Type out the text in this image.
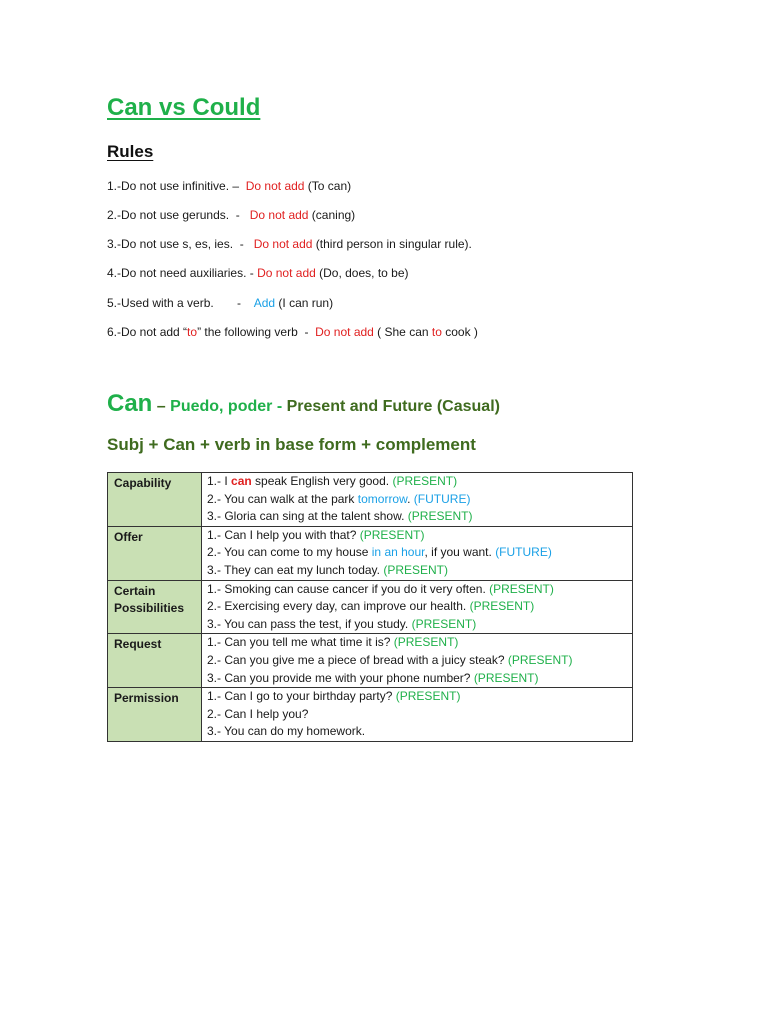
Can vs Could
Rules
1.-Do not use infinitive. –  Do not add (To can)
2.-Do not use gerunds.  -   Do not add (caning)
3.-Do not use s, es, ies.  -   Do not add (third person in singular rule).
4.-Do not need auxiliaries. - Do not add (Do, does, to be)
5.-Used with a verb.       -    Add (I can run)
6.-Do not add “to” the following verb  -  Do not add ( She can to cook )
Can – Puedo, poder - Present and Future (Casual)
Subj + Can + verb in base form + complement
Capability	1.- I can speak English very good. (PRESENT)
2.- You can walk at the park tomorrow. (FUTURE)
3.- Gloria can sing at the talent show. (PRESENT)

Offer	1.- Can I help you with that? (PRESENT)
2.- You can come to my house in an hour, if you want. (FUTURE)
3.- They can eat my lunch today. (PRESENT)

Certain Possibilities	1.- Smoking can cause cancer if you do it very often. (PRESENT)
2.- Exercising every day, can improve our health. (PRESENT)
3.- You can pass the test, if you study. (PRESENT)

Request	1.- Can you tell me what time it is? (PRESENT)
2.- Can you give me a piece of bread with a juicy steak? (PRESENT)
3.- Can you provide me with your phone number? (PRESENT)

Permission	1.- Can I go to your birthday party? (PRESENT)
2.- Can I help you?
3.- You can do my homework.
